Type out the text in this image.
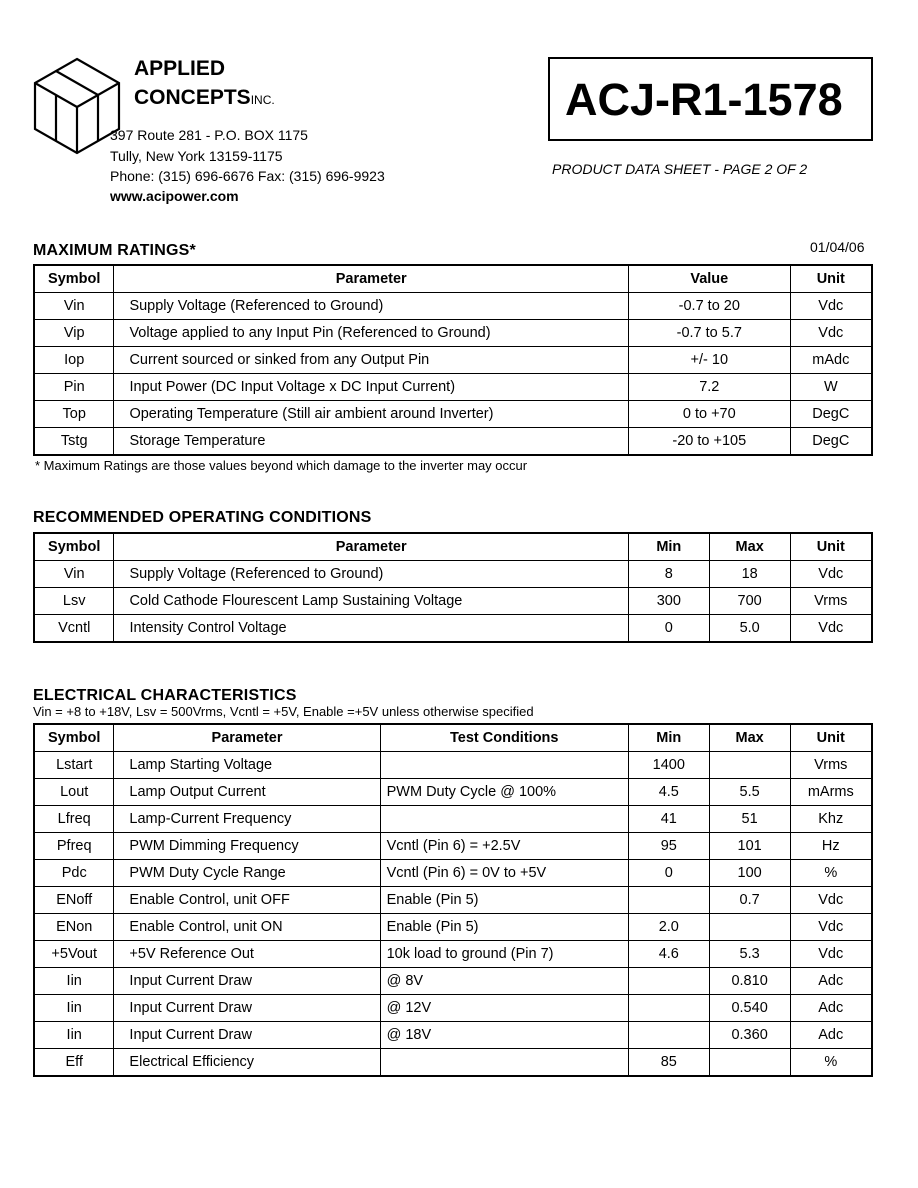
APPLIED
CONCEPTSINC.
397 Route 281 - P.O. BOX 1175
Tully, New York 13159-1175
Phone: (315) 696-6676 Fax: (315) 696-9923
www.acipower.com
ACJ-R1-1578
PRODUCT DATA SHEET - PAGE 2 OF 2
MAXIMUM RATINGS*	01/04/06
Symbol	Parameter	Value	Unit
Vin	Supply Voltage (Referenced to Ground)	-0.7 to 20	Vdc
Vip	Voltage applied to any Input Pin (Referenced to Ground)	-0.7 to 5.7	Vdc
Iop	Current sourced or sinked from any Output Pin	+/- 10	mAdc
Pin	Input Power (DC Input Voltage x DC Input Current)	7.2	W
Top	Operating Temperature (Still air ambient around Inverter)	0 to +70	DegC
Tstg	Storage Temperature	-20 to +105	DegC
* Maximum Ratings are those values beyond which damage to the inverter may occur
RECOMMENDED OPERATING CONDITIONS
Symbol	Parameter	Min	Max	Unit
Vin	Supply Voltage (Referenced to Ground)	8	18	Vdc
Lsv	Cold Cathode Flourescent Lamp Sustaining Voltage	300	700	Vrms
Vcntl	Intensity Control Voltage	0	5.0	Vdc
ELECTRICAL CHARACTERISTICS
Vin = +8 to +18V, Lsv = 500Vrms, Vcntl = +5V, Enable =+5V unless otherwise specified
Symbol	Parameter	Test Conditions	Min	Max	Unit
Lstart	Lamp Starting Voltage		1400		Vrms
Lout	Lamp Output Current	PWM Duty Cycle @ 100%	4.5	5.5	mArms
Lfreq	Lamp-Current Frequency		41	51	Khz
Pfreq	PWM Dimming Frequency	Vcntl (Pin 6) = +2.5V	95	101	Hz
Pdc	PWM Duty Cycle Range	Vcntl (Pin 6) = 0V to +5V	0	100	%
ENoff	Enable Control, unit OFF	Enable (Pin 5)		0.7	Vdc
ENon	Enable Control, unit ON	Enable (Pin 5)	2.0		Vdc
+5Vout	+5V Reference Out	10k load to ground (Pin 7)	4.6	5.3	Vdc
Iin	Input Current Draw	@ 8V		0.810	Adc
Iin	Input Current Draw	@ 12V		0.540	Adc
Iin	Input Current Draw	@ 18V		0.360	Adc
Eff	Electrical Efficiency		85		%
